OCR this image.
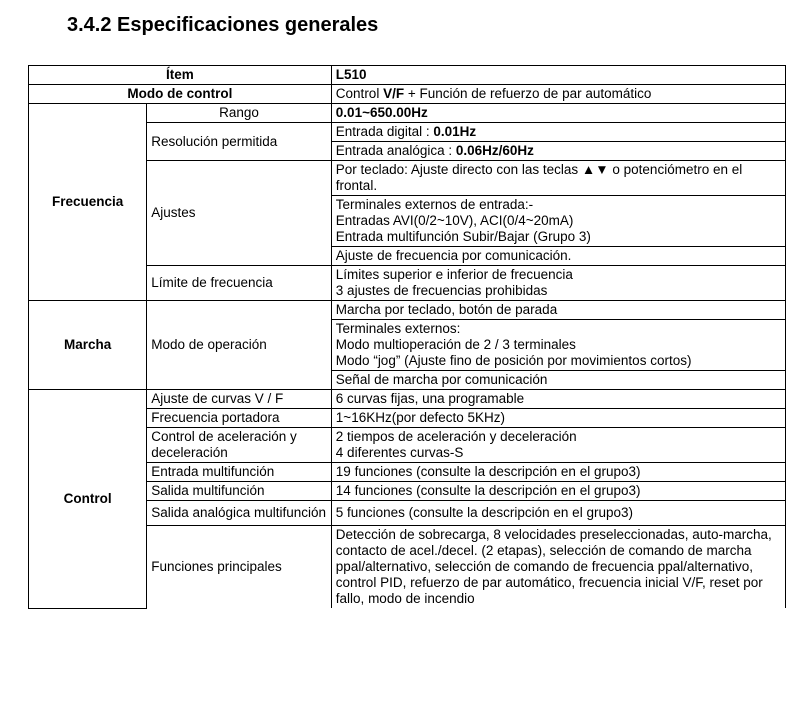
3.4.2 Especificaciones generales
Ítem		L510
Modo de control		Control V/F + Función de refuerzo de par automático
Frecuencia	Rango	0.01~650.00Hz
	Resolución permitida	Entrada digital : 0.01Hz
		Entrada analógica : 0.06Hz/60Hz
	Ajustes	Por teclado: Ajuste directo con las teclas ▲▼ o potenciómetro en el frontal.

		Terminales externos de entrada:-
Entradas AVI(0/2~10V), ACI(0/4~20mA)
Entrada multifunción Subir/Bajar (Grupo 3)

		Ajuste de frecuencia por comunicación.
	Límite de frecuencia	Límites superior e inferior de frecuencia
3 ajustes de frecuencias prohibidas

Marcha	Modo de operación	Marcha por teclado, botón de parada

		Terminales externos:
Modo multioperación de 2 / 3 terminales
Modo “jog” (Ajuste fino de posición por movimientos cortos)

		Señal de marcha por comunicación
Control	Ajuste de curvas V / F	6 curvas fijas, una programable
	Frecuencia portadora	1~16KHz(por defecto 5KHz)
	Control de aceleración y deceleración	2 tiempos de aceleración y deceleración
4 diferentes curvas-S

	Entrada multifunción	19 funciones (consulte la descripción en el grupo3)
	Salida multifunción	14 funciones (consulte la descripción en el grupo3)
	Salida analógica multifunción	5 funciones (consulte la descripción en el grupo3)
	Funciones principales	Detección de sobrecarga, 8 velocidades preseleccionadas, auto-marcha, contacto de acel./decel. (2 etapas), selección de comando de marcha ppal/alternativo, selección de comando de frecuencia ppal/alternativo, control PID, refuerzo de par automático, frecuencia inicial V/F, reset por fallo, modo de incendio
